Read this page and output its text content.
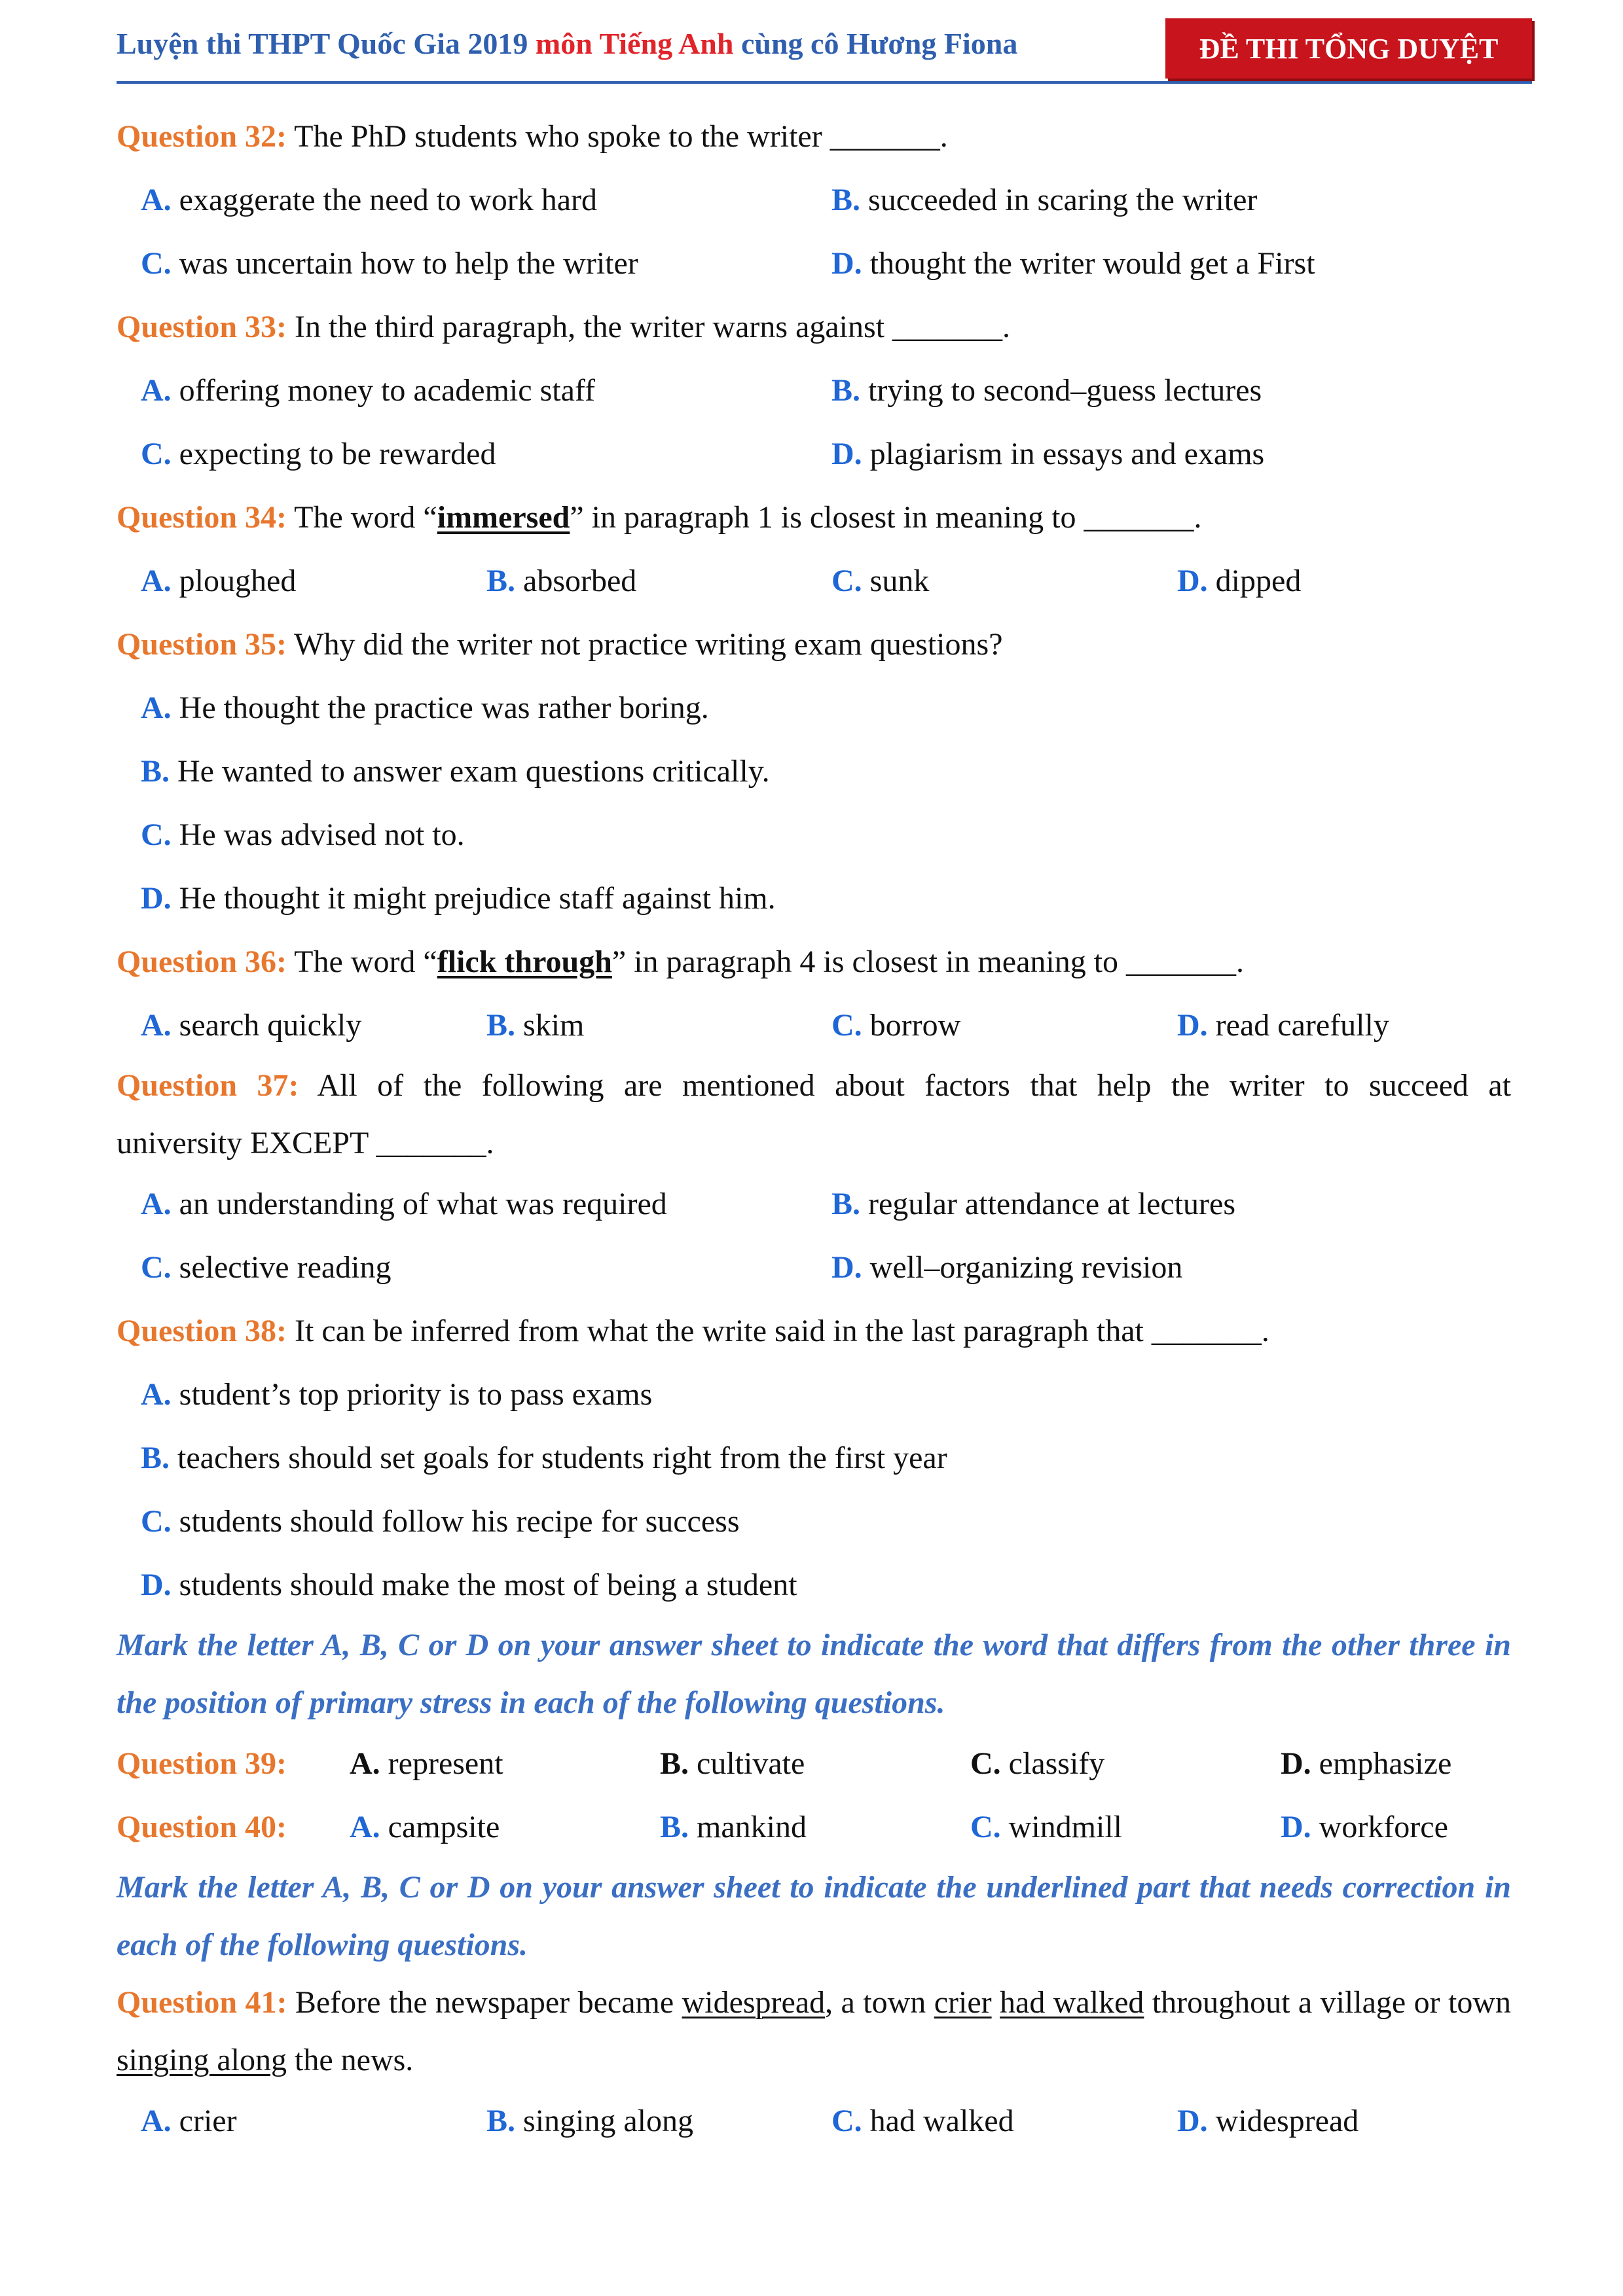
Luyện thi THPT Quốc Gia 2019 môn Tiếng Anh cùng cô Hương Fiona	ĐỀ THI TỔNG DUYỆT
Question 32: The PhD students who spoke to the writer _______.
A. exaggerate the need to work hard	B. succeeded in scaring the writer
C. was uncertain how to help the writer	D. thought the writer would get a First
Question 33: In the third paragraph, the writer warns against _______.
A. offering money to academic staff	B. trying to second–guess lectures
C. expecting to be rewarded	D. plagiarism in essays and exams
Question 34: The word “immersed” in paragraph 1 is closest in meaning to _______.
A. ploughed	B. absorbed	C. sunk	D. dipped
Question 35: Why did the writer not practice writing exam questions?
A. He thought the practice was rather boring.
B. He wanted to answer exam questions critically.
C. He was advised not to.
D. He thought it might prejudice staff against him.
Question 36: The word “flick through” in paragraph 4 is closest in meaning to _______.
A. search quickly	B. skim	C. borrow	D. read carefully
Question 37: All of the following are mentioned about factors that help the writer to succeed at
university EXCEPT _______.
A. an understanding of what was required	B. regular attendance at lectures
C. selective reading	D. well–organizing revision
Question 38: It can be inferred from what the write said in the last paragraph that _______.
A. student’s top priority is to pass exams
B. teachers should set goals for students right from the first year
C. students should follow his recipe for success
D. students should make the most of being a student
Mark the letter A, B, C or D on your answer sheet to indicate the word that differs from the other three in the position of primary stress in each of the following questions.
Question 39: A. represent	B. cultivate	C. classify	D. emphasize
Question 40: A. campsite	B. mankind	C. windmill	D. workforce
Mark the letter A, B, C or D on your answer sheet to indicate the underlined part that needs correction in each of the following questions.
Question 41: Before the newspaper became widespread, a town crier had walked throughout a village or town singing along the news.
A. crier	B. singing along	C. had walked	D. widespread
